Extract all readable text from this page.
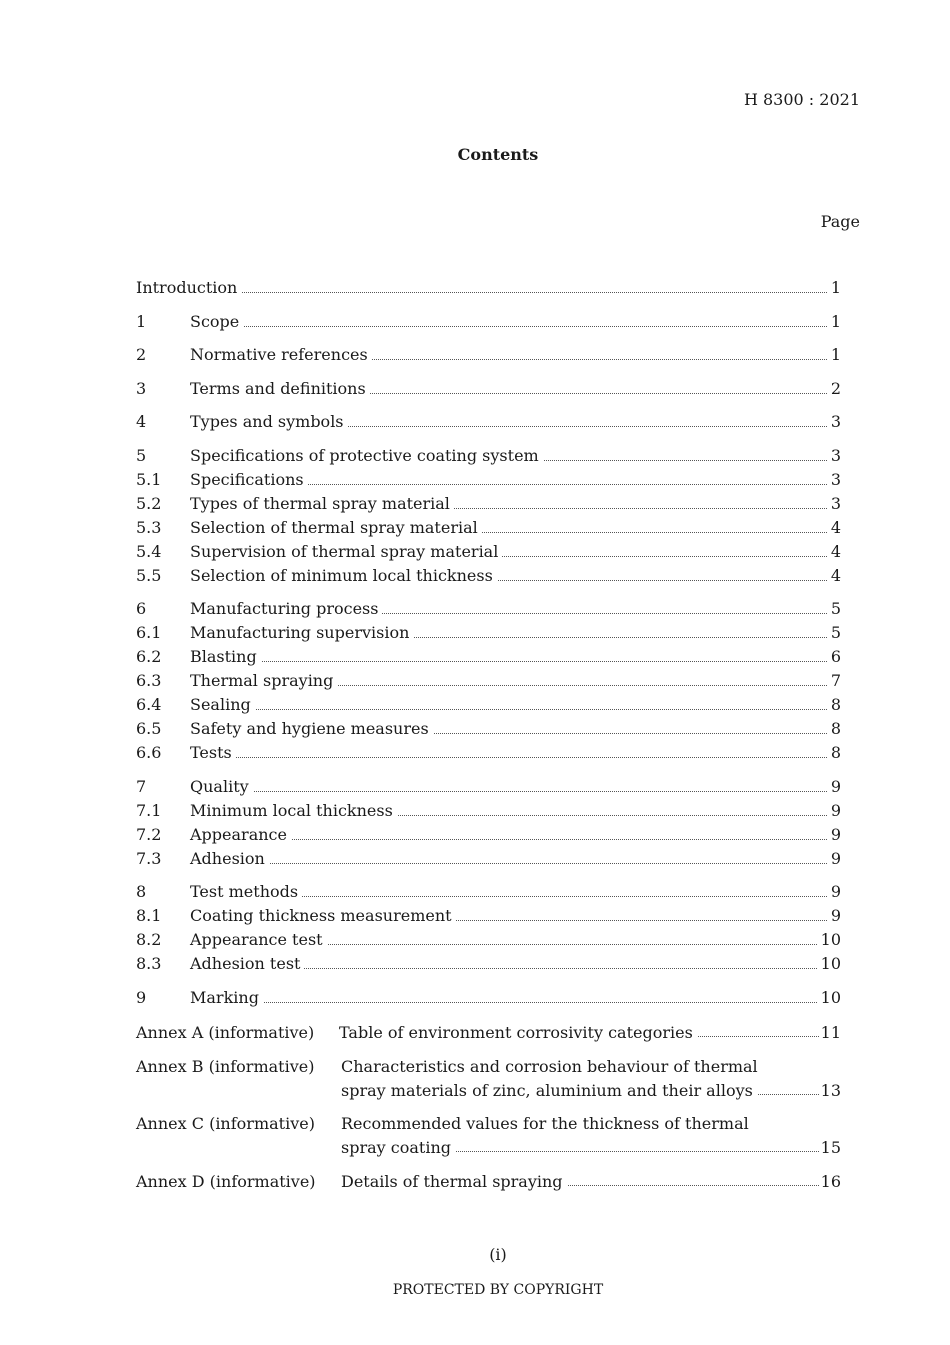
H 8300 : 2021
Contents
Page
Introduction	1
1	Scope	1
2	Normative references	1
3	Terms and definitions	2
4	Types and symbols	3
5	Specifications of protective coating system	3
5.1 Specifications	3
5.2 Types of thermal spray material	3
5.3 Selection of thermal spray material	4
5.4 Supervision of thermal spray material	4
5.5 Selection of minimum local thickness	4
6	Manufacturing process	5
6.1 Manufacturing supervision	5
6.2 Blasting	6
6.3 Thermal spraying	7
6.4 Sealing	8
6.5 Safety and hygiene measures	8
6.6 Tests	8
7	Quality	9
7.1 Minimum local thickness	9
7.2 Appearance	9
7.3 Adhesion	9
8	Test methods	9
8.1 Coating thickness measurement	9
8.2 Appearance test	10
8.3 Adhesion test	10
9	Marking	10
Annex A (informative) Table of environment corrosivity categories	11
Annex B (informative) Characteristics and corrosion behaviour of thermal
spray materials of zinc, aluminium and their alloys	13
Annex C (informative) Recommended values for the thickness of thermal
spray coating	15
Annex D (informative) Details of thermal spraying	16
(i)
PROTECTED BY COPYRIGHT
